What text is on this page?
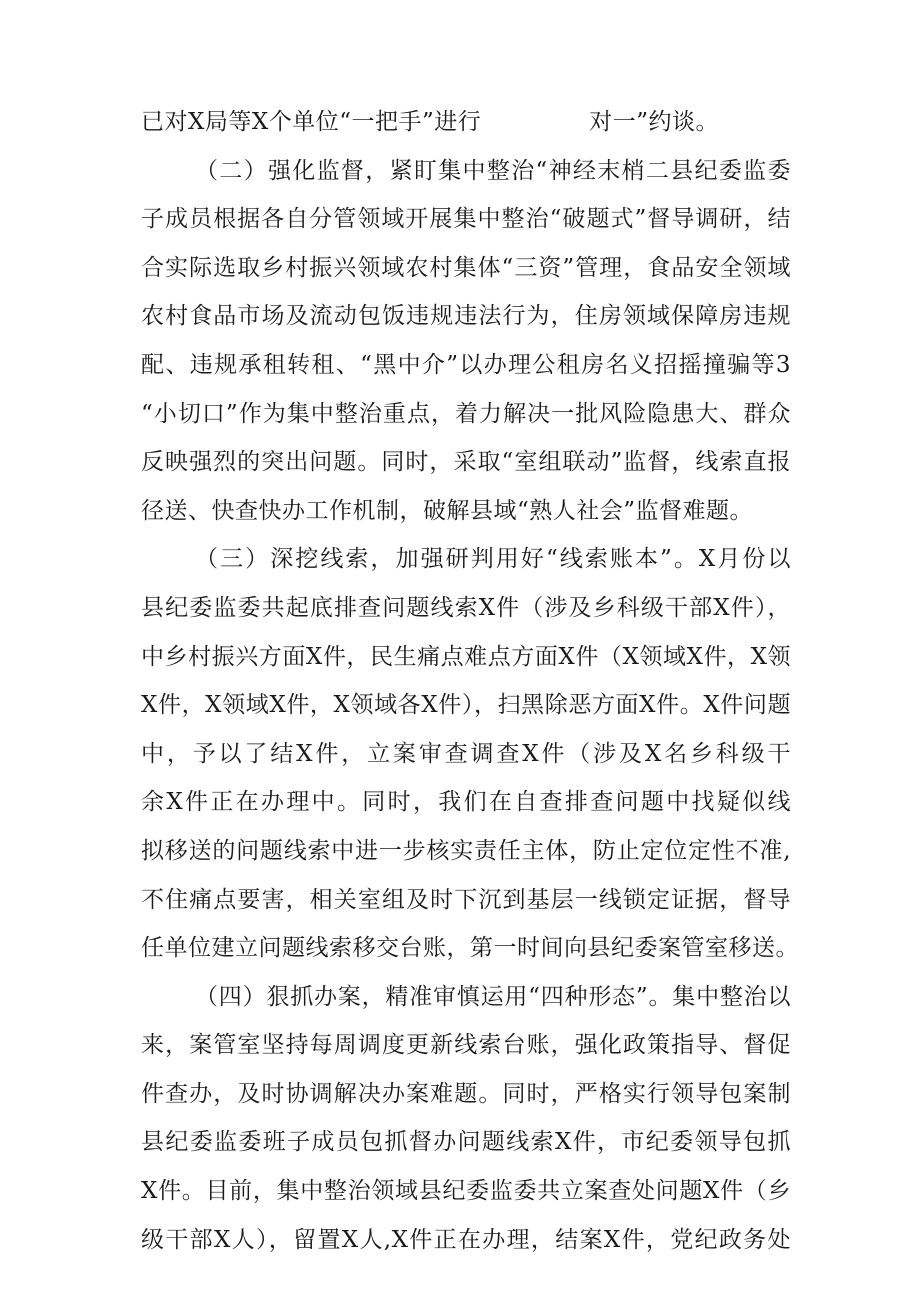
已对X局等X个单位“一把手”进行	对一”约谈。
（二）强化监督，紧盯集中整治“神经末梢二县纪委监委
子成员根据各自分管领域开展集中整治“破题式”督导调研，结
合实际选取乡村振兴领域农村集体“三资”管理，食品安全领域
农村食品市场及流动包饭违规违法行为，住房领域保障房违规
配、违规承租转租、“黑中介”以办理公租房名义招摇撞骗等3
“小切口”作为集中整治重点，着力解决一批风险隐患大、群众
反映强烈的突出问题。同时，采取“室组联动”监督，线索直报
径送、快查快办工作机制，破解县域“熟人社会”监督难题。
（三）深挖线索，加强研判用好“线索账本”。X月份以
县纪委监委共起底排查问题线索X件（涉及乡科级干部X件），
中乡村振兴方面X件，民生痛点难点方面X件（X领域X件，X领
X件，X领域X件，X领域各X件），扫黑除恶方面X件。X件问题
中，予以了结X件，立案审查调查X件（涉及X名乡科级干
余X件正在办理中。同时，我们在自查排查问题中找疑似线
拟移送的问题线索中进一步核实责任主体，防止定位定性不准,
不住痛点要害，相关室组及时下沉到基层一线锁定证据，督导
任单位建立问题线索移交台账，第一时间向县纪委案管室移送。
（四）狠抓办案，精准审慎运用“四种形态”。集中整治以
来，案管室坚持每周调度更新线索台账，强化政策指导、督促
件查办，及时协调解决办案难题。同时，严格实行领导包案制
县纪委监委班子成员包抓督办问题线索X件，市纪委领导包抓
X件。目前，集中整治领域县纪委监委共立案查处问题X件（乡
级干部X人），留置X人,X件正在办理，结案X件，党纪政务处
